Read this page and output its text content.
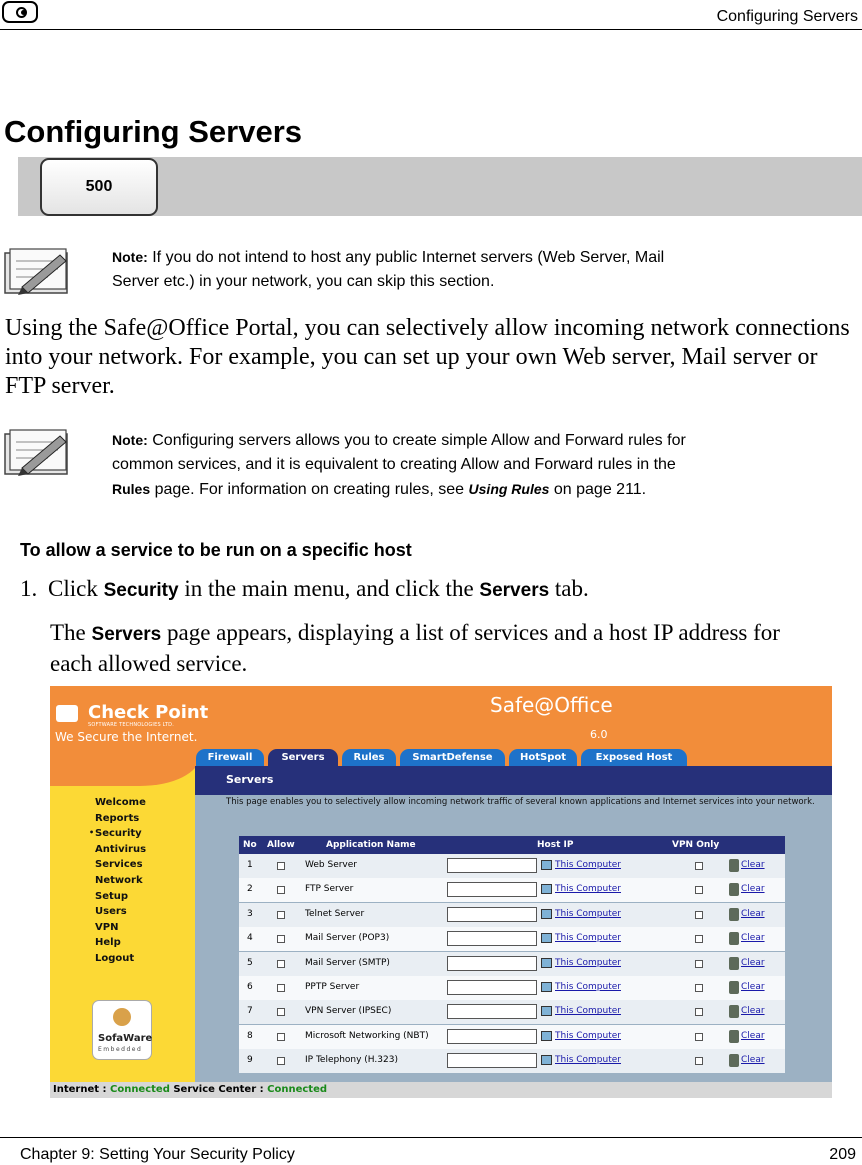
Configuring Servers
Configuring Servers
500
Note: If you do not intend to host any public Internet servers (Web Server, Mail
Server etc.) in your network, you can skip this section.
Using the Safe@Office Portal, you can selectively allow incoming network connections into your network. For example, you can set up your own Web server, Mail server or FTP server.
Note: Configuring servers allows you to create simple Allow and Forward rules for
common services, and it is equivalent to creating Allow and Forward rules in the
Rules page. For information on creating rules, see Using Rules on page 211.
To allow a service to be run on a specific host
1. Click Security in the main menu, and click the Servers tab.
The Servers page appears, displaying a list of services and a host IP address for
each allowed service.
Check Point
SOFTWARE TECHNOLOGIES LTD.
We Secure the Internet.
Safe@Office
6.0
Firewall	Servers	Rules	SmartDefense	HotSpot	Exposed Host
Welcome
Reports
• Security
Antivirus
Services
Network
Setup
Users
VPN
Help
Logout
SofaWare
Embedded
Servers
This page enables you to selectively allow incoming network traffic of several known applications and Internet services into your network.
No Allow	Application Name	Host IP	VPN Only
1	Web Server	This Computer	Clear
2	FTP Server	This Computer	Clear
3	Telnet Server	This Computer	Clear
4	Mail Server (POP3)	This Computer	Clear
5	Mail Server (SMTP)	This Computer	Clear
6	PPTP Server	This Computer	Clear
7	VPN Server (IPSEC)	This Computer	Clear
8	Microsoft Networking (NBT)	This Computer	Clear
9	IP Telephony (H.323)	This Computer	Clear
Internet : Connected Service Center : Connected
Chapter 9: Setting Your Security Policy	209
